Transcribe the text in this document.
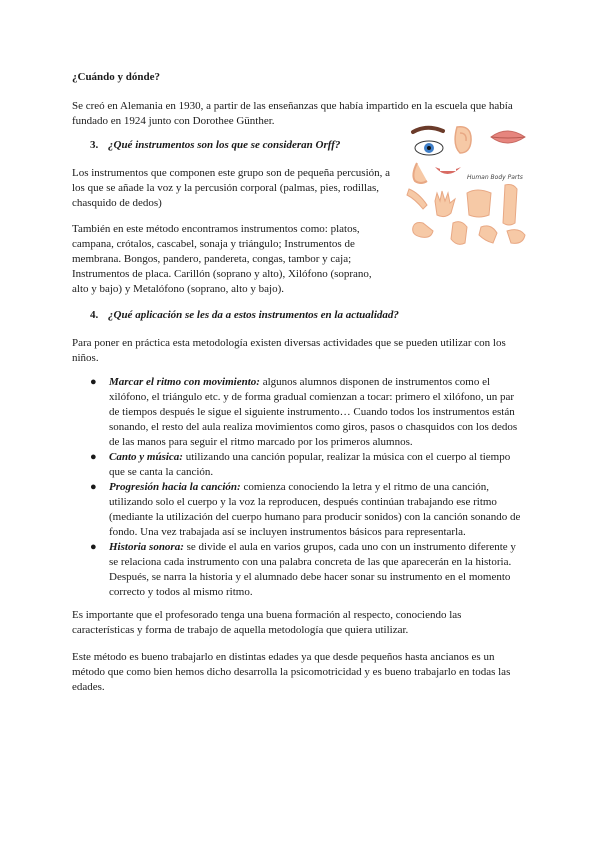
¿Cuándo y dónde?

Se creó en Alemania en 1930, a partir de las enseñanzas que había impartido en la escuela que había fundado en 1924 junto con Dorothee Günther.

3. ¿Qué instrumentos son los que se consideran Orff?

Los instrumentos que componen este grupo son de pequeña percusión, a los que se añade la voz y la percusión corporal (palmas, pies, rodillas, chasquido de dedos)

También en este método encontramos instrumentos como: platos, campana, crótalos, cascabel, sonaja y triángulo; Instrumentos de membrana. Bongos, pandero, pandereta, congas, tambor y caja; Instrumentos de placa. Carillón (soprano y alto), Xilófono (soprano, alto y bajo) y Metalófono (soprano, alto y bajo).

Human Body Parts
4. ¿Qué aplicación se les da a estos instrumentos en la actualidad?

Para poner en práctica esta metodología existen diversas actividades que se pueden utilizar con los niños.

● Marcar el ritmo con movimiento: algunos alumnos disponen de instrumentos como el xilófono, el triángulo etc. y de forma gradual comienzan a tocar: primero el xilófono, un par de tiempos después le sigue el siguiente instrumento… Cuando todos los instrumentos están sonando, el resto del aula realiza movimientos como giros, pasos o chasquidos con los dedos de las manos para seguir el ritmo marcado por los primeros alumnos.
● Canto y música: utilizando una canción popular, realizar la música con el cuerpo al tiempo que se canta la canción.
● Progresión hacia la canción: comienza conociendo la letra y el ritmo de una canción, utilizando solo el cuerpo y la voz la reproducen, después continúan trabajando ese ritmo (mediante la utilización del cuerpo humano para producir sonidos) con la canción sonando de fondo. Una vez trabajada así se incluyen instrumentos básicos para representarla.
● Historia sonora: se divide el aula en varios grupos, cada uno con un instrumento diferente y se relaciona cada instrumento con una palabra concreta de las que aparecerán en la historia. Después, se narra la historia y el alumnado debe hacer sonar su instrumento en el momento correcto y todos al mismo ritmo.

Es importante que el profesorado tenga una buena formación al respecto, conociendo las características y forma de trabajo de aquella metodología que quiera utilizar.

Este método es bueno trabajarlo en distintas edades ya que desde pequeños hasta ancianos es un método que como bien hemos dicho desarrolla la psicomotricidad y es bueno trabajarlo en todas las edades.
